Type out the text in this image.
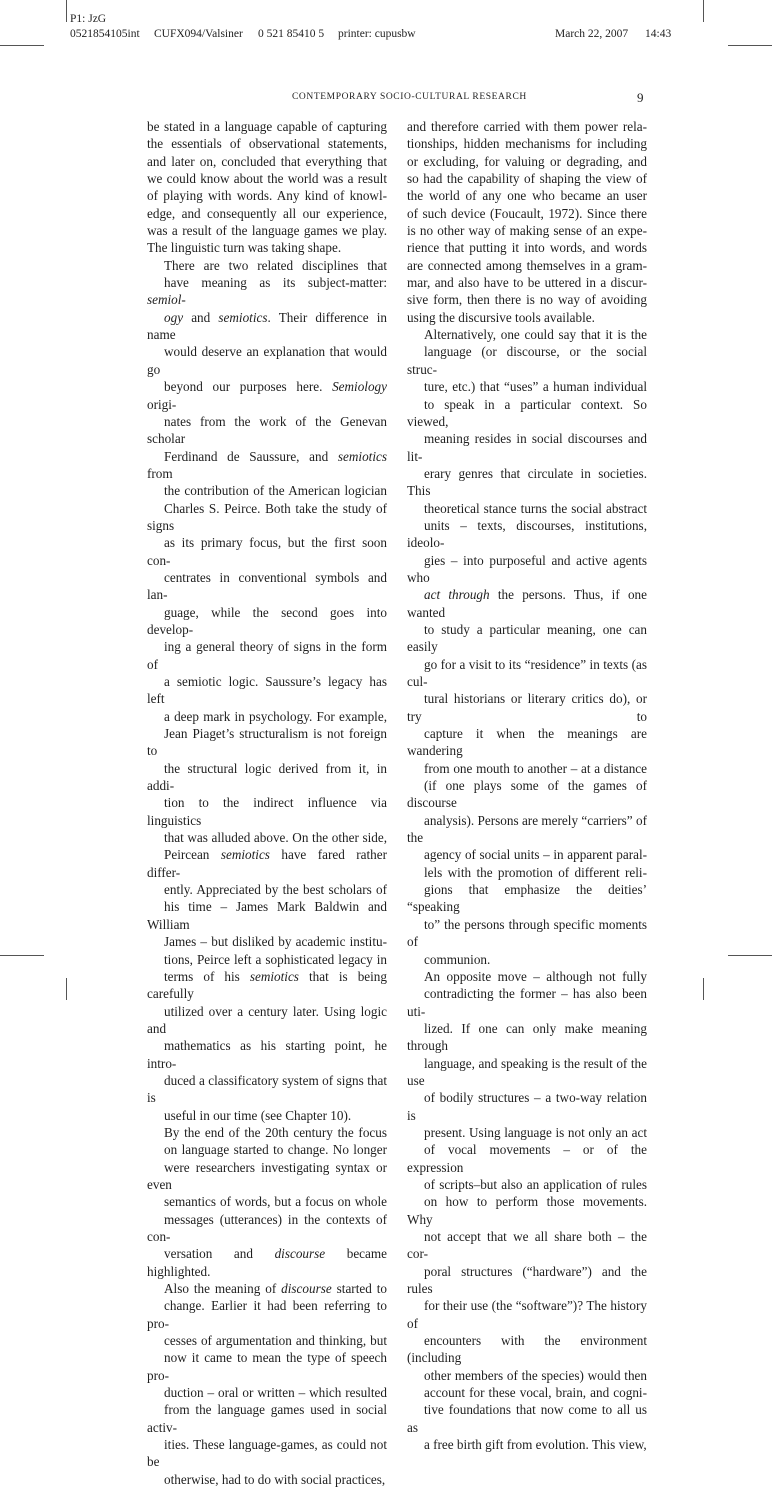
P1: JzG
0521854105int CUFX094/Valsiner 0 521 85410 5 printer: cupusbw	March 22, 2007 14:43
CONTEMPORARY SOCIO-CULTURAL RESEARCH	9

be stated in a language capable of capturing
the essentials of observational statements,
and later on, concluded that everything that
we could know about the world was a result
of playing with words. Any kind of knowl-
edge, and consequently all our experience,
was a result of the language games we play.
The linguistic turn was taking shape.

There are two related disciplines that
have meaning as its subject-matter: semiol-
ogy and semiotics. Their difference in name
would deserve an explanation that would go
beyond our purposes here. Semiology origi-
nates from the work of the Genevan scholar
Ferdinand de Saussure, and semiotics from
the contribution of the American logician
Charles S. Peirce. Both take the study of signs
as its primary focus, but the first soon con-
centrates in conventional symbols and lan-
guage, while the second goes into develop-
ing a general theory of signs in the form of
a semiotic logic. Saussure’s legacy has left
a deep mark in psychology. For example,
Jean Piaget’s structuralism is not foreign to
the structural logic derived from it, in addi-
tion to the indirect influence via linguistics
that was alluded above. On the other side,
Peircean semiotics have fared rather differ-
ently. Appreciated by the best scholars of
his time – James Mark Baldwin and William
James – but disliked by academic institu-
tions, Peirce left a sophisticated legacy in
terms of his semiotics that is being carefully
utilized over a century later. Using logic and
mathematics as his starting point, he intro-
duced a classificatory system of signs that is
useful in our time (see Chapter 10).

By the end of the 20th century the focus
on language started to change. No longer
were researchers investigating syntax or even
semantics of words, but a focus on whole
messages (utterances) in the contexts of con-
versation and discourse became highlighted.
Also the meaning of discourse started to
change. Earlier it had been referring to pro-
cesses of argumentation and thinking, but
now it came to mean the type of speech pro-
duction – oral or written – which resulted
from the language games used in social activ-
ities. These language-games, as could not be
otherwise, had to do with social practices,

and therefore carried with them power rela-
tionships, hidden mechanisms for including
or excluding, for valuing or degrading, and
so had the capability of shaping the view of
the world of any one who became an user
of such device (Foucault, 1972). Since there
is no other way of making sense of an expe-
rience that putting it into words, and words
are connected among themselves in a gram-
mar, and also have to be uttered in a discur-
sive form, then there is no way of avoiding
using the discursive tools available.

Alternatively, one could say that it is the
language (or discourse, or the social struc-
ture, etc.) that “uses” a human individual
to speak in a particular context. So viewed,
meaning resides in social discourses and lit-
erary genres that circulate in societies. This
theoretical stance turns the social abstract
units – texts, discourses, institutions, ideolo-
gies – into purposeful and active agents who
act through the persons. Thus, if one wanted
to study a particular meaning, one can easily
go for a visit to its “residence” in texts (as cul-
tural historians or literary critics do), or try to
capture it when the meanings are wandering
from one mouth to another – at a distance
(if one plays some of the games of discourse
analysis). Persons are merely “carriers” of the
agency of social units – in apparent paral-
lels with the promotion of different reli-
gions that emphasize the deities’ “speaking
to” the persons through specific moments of
communion.

An opposite move – although not fully
contradicting the former – has also been uti-
lized. If one can only make meaning through
language, and speaking is the result of the use
of bodily structures – a two-way relation is
present. Using language is not only an act
of vocal movements – or of the expression
of scripts–but also an application of rules
on how to perform those movements. Why
not accept that we all share both – the cor-
poral structures (“hardware”) and the rules
for their use (the “software”)? The history of
encounters with the environment (including
other members of the species) would then
account for these vocal, brain, and cogni-
tive foundations that now come to all us as
a free birth gift from evolution. This view,
